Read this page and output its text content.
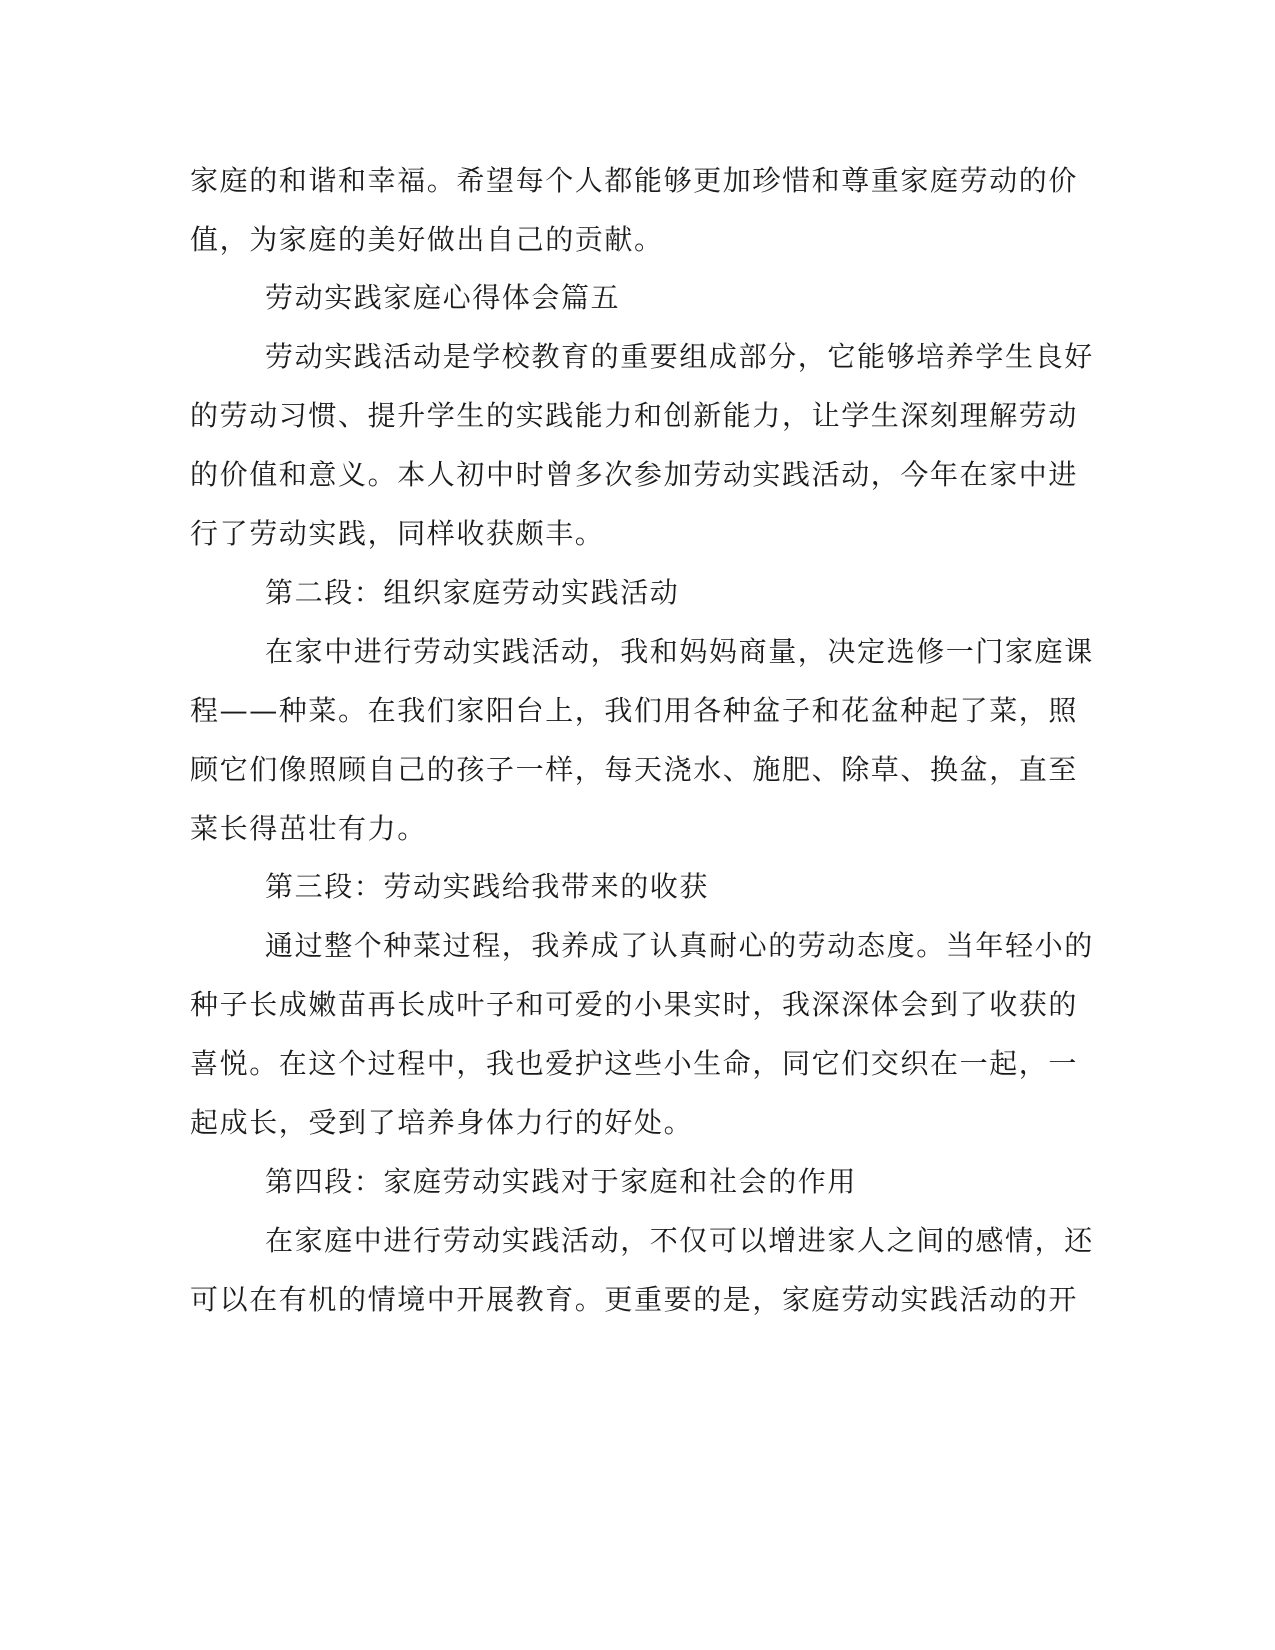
家庭的和谐和幸福。希望每个人都能够更加珍惜和尊重家庭劳动的价
值，为家庭的美好做出自己的贡献。
劳动实践家庭心得体会篇五
劳动实践活动是学校教育的重要组成部分，它能够培养学生良好
的劳动习惯、提升学生的实践能力和创新能力，让学生深刻理解劳动
的价值和意义。本人初中时曾多次参加劳动实践活动，今年在家中进
行了劳动实践，同样收获颇丰。
第二段：组织家庭劳动实践活动
在家中进行劳动实践活动，我和妈妈商量，决定选修一门家庭课
程——种菜。在我们家阳台上，我们用各种盆子和花盆种起了菜，照
顾它们像照顾自己的孩子一样，每天浇水、施肥、除草、换盆，直至
菜长得茁壮有力。
第三段：劳动实践给我带来的收获
通过整个种菜过程，我养成了认真耐心的劳动态度。当年轻小的
种子长成嫩苗再长成叶子和可爱的小果实时，我深深体会到了收获的
喜悦。在这个过程中，我也爱护这些小生命，同它们交织在一起，一
起成长，受到了培养身体力行的好处。
第四段：家庭劳动实践对于家庭和社会的作用
在家庭中进行劳动实践活动，不仅可以增进家人之间的感情，还
可以在有机的情境中开展教育。更重要的是，家庭劳动实践活动的开
